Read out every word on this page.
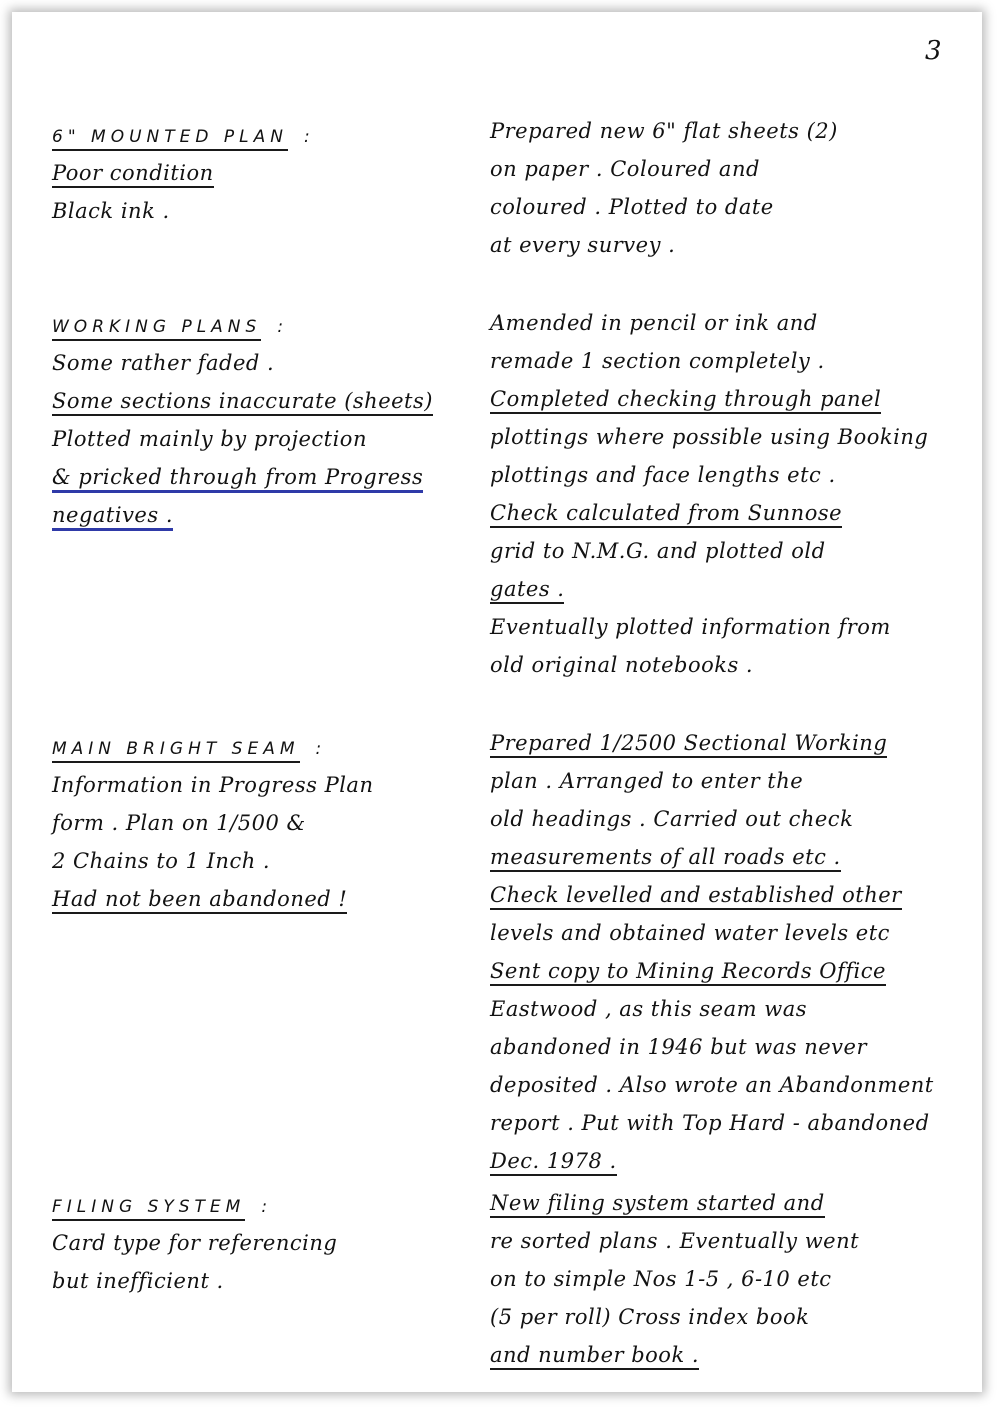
3
6" MOUNTED PLAN :
Poor condition
Black ink .
Prepared new 6" flat sheets (2)
on paper . Coloured and
coloured . Plotted to date
at every survey .
WORKING PLANS :
Some rather faded .
Some sections inaccurate (sheets)
Plotted mainly by projection
& pricked through from Progress
negatives .
Amended in pencil or ink and
remade 1 section completely .
Completed checking through panel
plottings where possible using Booking
plottings and face lengths etc .
Check calculated from Sunnose
grid to N.M.G. and plotted old
gates .
Eventually plotted information from
old original notebooks .
MAIN BRIGHT SEAM :
Information in Progress Plan
form . Plan on 1/500 &
2 Chains to 1 Inch .
Had not been abandoned !
Prepared 1/2500 Sectional Working
plan . Arranged to enter the
old headings . Carried out check
measurements of all roads etc .
Check levelled and established other
levels and obtained water levels etc
Sent copy to Mining Records Office
Eastwood , as this seam was
abandoned in 1946 but was never
deposited . Also wrote an Abandonment
report . Put with Top Hard - abandoned
Dec. 1978 .
FILING SYSTEM :
Card type for referencing
but inefficient .
New filing system started and
re sorted plans . Eventually went
on to simple Nos 1-5 , 6-10 etc
(5 per roll) Cross index book
and number book .
